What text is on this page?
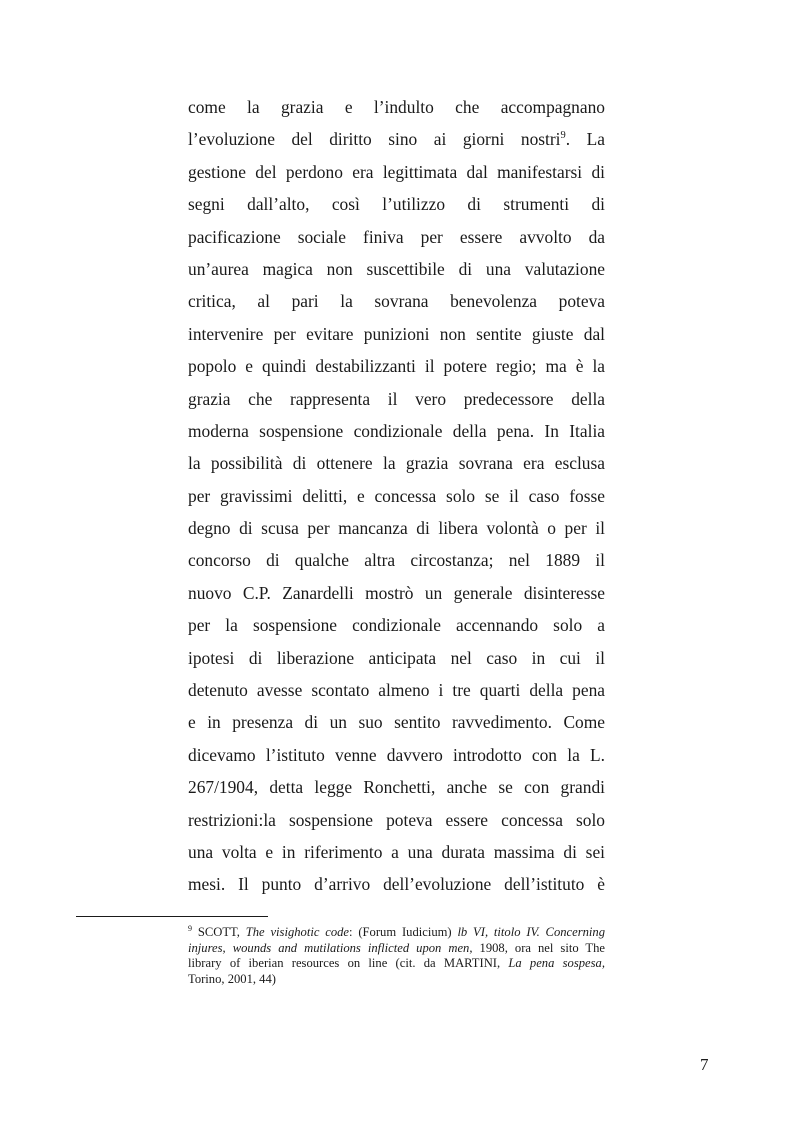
come la grazia e l’indulto che accompagnano
l’evoluzione del diritto sino ai giorni nostri$^9$. La
gestione del perdono era legittimata dal manifestarsi di
segni dall’alto, così l’utilizzo di strumenti di
pacificazione sociale finiva per essere avvolto da
un’aurea magica non suscettibile di una valutazione
critica, al pari la sovrana benevolenza poteva
intervenire per evitare punizioni non sentite giuste dal
popolo e quindi destabilizzanti il potere regio; ma è la
grazia che rappresenta il vero predecessore della
moderna sospensione condizionale della pena. In Italia
la possibilità di ottenere la grazia sovrana era esclusa
per gravissimi delitti, e concessa solo se il caso fosse
degno di scusa per mancanza di libera volontà o per il
concorso di qualche altra circostanza; nel 1889 il
nuovo C.P. Zanardelli mostrò un generale disinteresse
per la sospensione condizionale accennando solo a
ipotesi di liberazione anticipata nel caso in cui il
detenuto avesse scontato almeno i tre quarti della pena
e in presenza di un suo sentito ravvedimento. Come
dicevamo l’istituto venne davvero introdotto con la L.
267/1904, detta legge Ronchetti, anche se con grandi
restrizioni:la sospensione poteva essere concessa solo
una volta e in riferimento a una durata massima di sei
mesi. Il punto d’arrivo dell’evoluzione dell’istituto è
$^9$ SCOTT, The visighotic code: (Forum Iudicium) lb VI, titolo IV. Concerning
injures, wounds and mutilations inflicted upon men, 1908, ora nel sito The
library of iberian resources on line (cit. da MARTINI, La pena sospesa,
Torino, 2001, 44)
7
